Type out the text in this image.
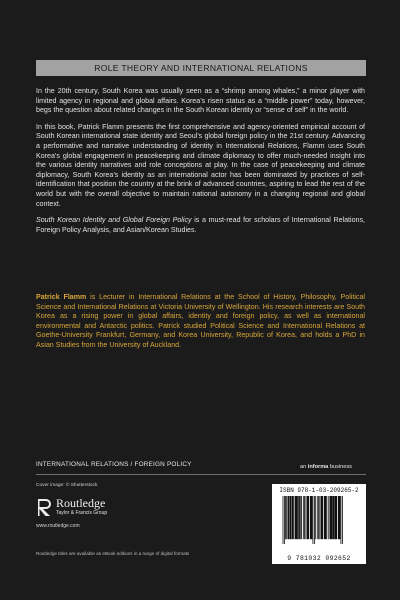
ROLE THEORY AND INTERNATIONAL RELATIONS

In the 20th century, South Korea was usually seen as a “shrimp among whales,” a minor player with limited agency in regional and global affairs. Korea’s risen status as a “middle power” today, however, begs the question about related changes in the South Korean identity or “sense of self” in the world.

In this book, Patrick Flamm presents the first comprehensive and agency-oriented empirical account of South Korean international state identity and Seoul’s global foreign policy in the 21st century. Advancing a performative and narrative understanding of identity in International Relations, Flamm uses South Korea’s global engagement in peacekeeping and climate diplomacy to offer much-needed insight into the various identity narratives and role conceptions at play. In the case of peacekeeping and climate diplomacy, South Korea’s identity as an international actor has been dominated by practices of self-identification that position the country at the brink of advanced countries, aspiring to lead the rest of the world but with the overall objective to maintain national autonomy in a changing regional and global context.

South Korean Identity and Global Foreign Policy is a must-read for scholars of International Relations, Foreign Policy Analysis, and Asian/Korean Studies.

Patrick Flamm is Lecturer in International Relations at the School of History, Philosophy, Political Science and International Relations at Victoria University of Wellington. His research interests are South Korea as a rising power in global affairs, identity and foreign policy, as well as international environmental and Antarctic politics. Patrick studied Political Science and International Relations at Goethe-University Frankfurt, Germany, and Korea University, Republic of Korea, and holds a PhD in Asian Studies from the University of Auckland.
INTERNATIONAL RELATIONS / FOREIGN POLICY	an informa business
Cover image: © Shutterstock
Routledge
Taylor & Francis Group
www.routledge.com
Routledge titles are available as eBook editions in a range of digital formats
ISBN 978-1-03-209265-2
9 781032 092652
